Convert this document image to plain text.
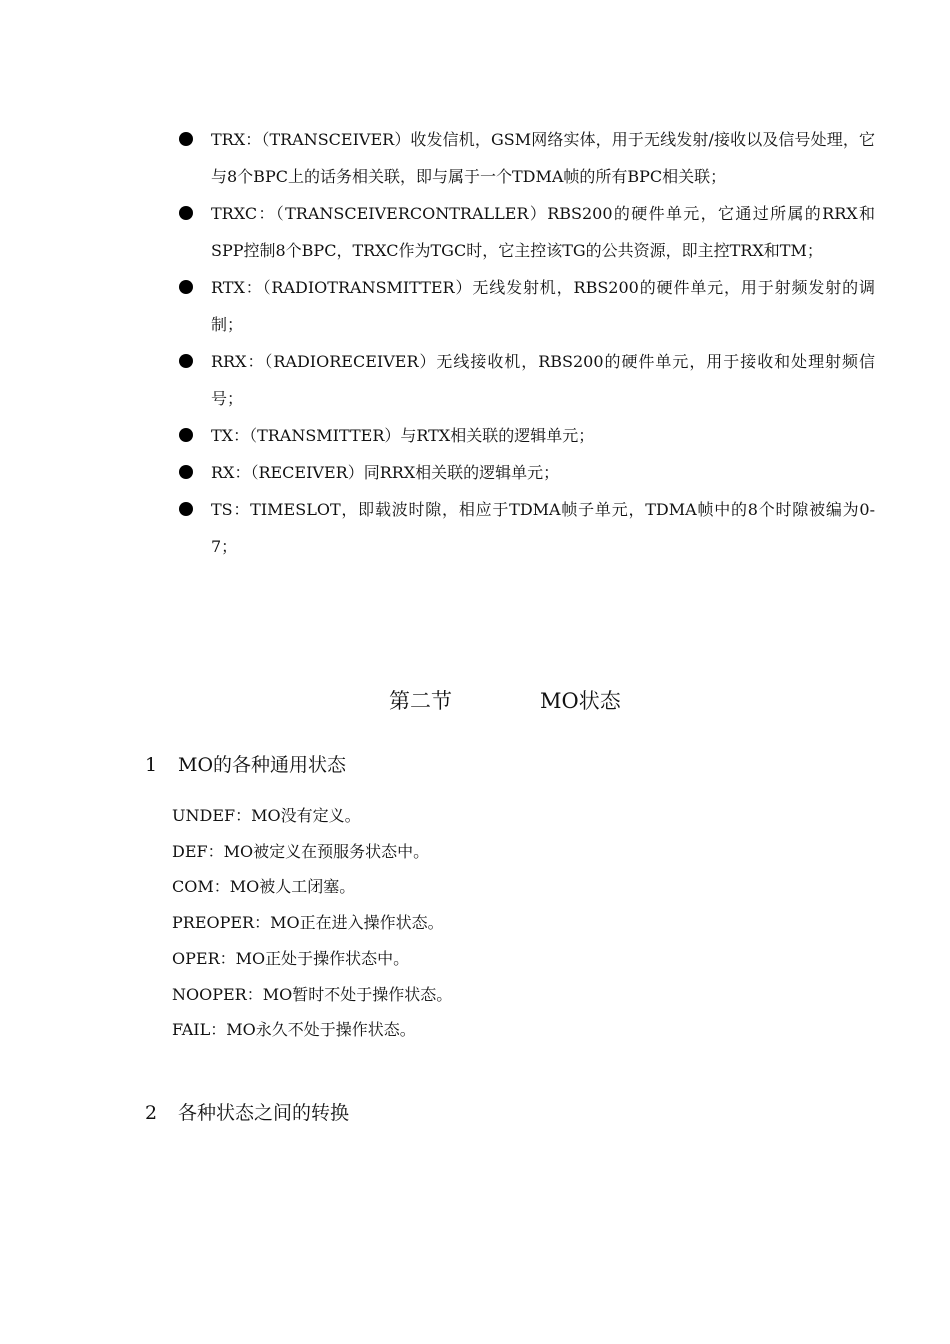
TRX：（TRANSCEIVER）收发信机，GSM网络实体，用于无线发射/接收以及信号处理，它与8个BPC上的话务相关联，即与属于一个TDMA帧的所有BPC相关联；
TRXC：（TRANSCEIVERCONTRALLER）RBS200的硬件单元，它通过所属的RRX和SPP控制8个BPC，TRXC作为TGC时，它主控该TG的公共资源，即主控TRX和TM；
RTX：（RADIOTRANSMITTER）无线发射机，RBS200的硬件单元，用于射频发射的调制；
RRX：（RADIORECEIVER）无线接收机，RBS200的硬件单元，用于接收和处理射频信号；
TX：（TRANSMITTER）与RTX相关联的逻辑单元；
RX：（RECEIVER）同RRX相关联的逻辑单元；
TS：TIMESLOT，即载波时隙，相应于TDMA帧子单元，TDMA帧中的8个时隙被编为0-7；
第二节	MO状态
1 MO的各种通用状态
UNDEF：MO没有定义。
DEF：MO被定义在预服务状态中。
COM：MO被人工闭塞。
PREOPER：MO正在进入操作状态。
OPER：MO正处于操作状态中。
NOOPER：MO暂时不处于操作状态。
FAIL：MO永久不处于操作状态。
2 各种状态之间的转换
